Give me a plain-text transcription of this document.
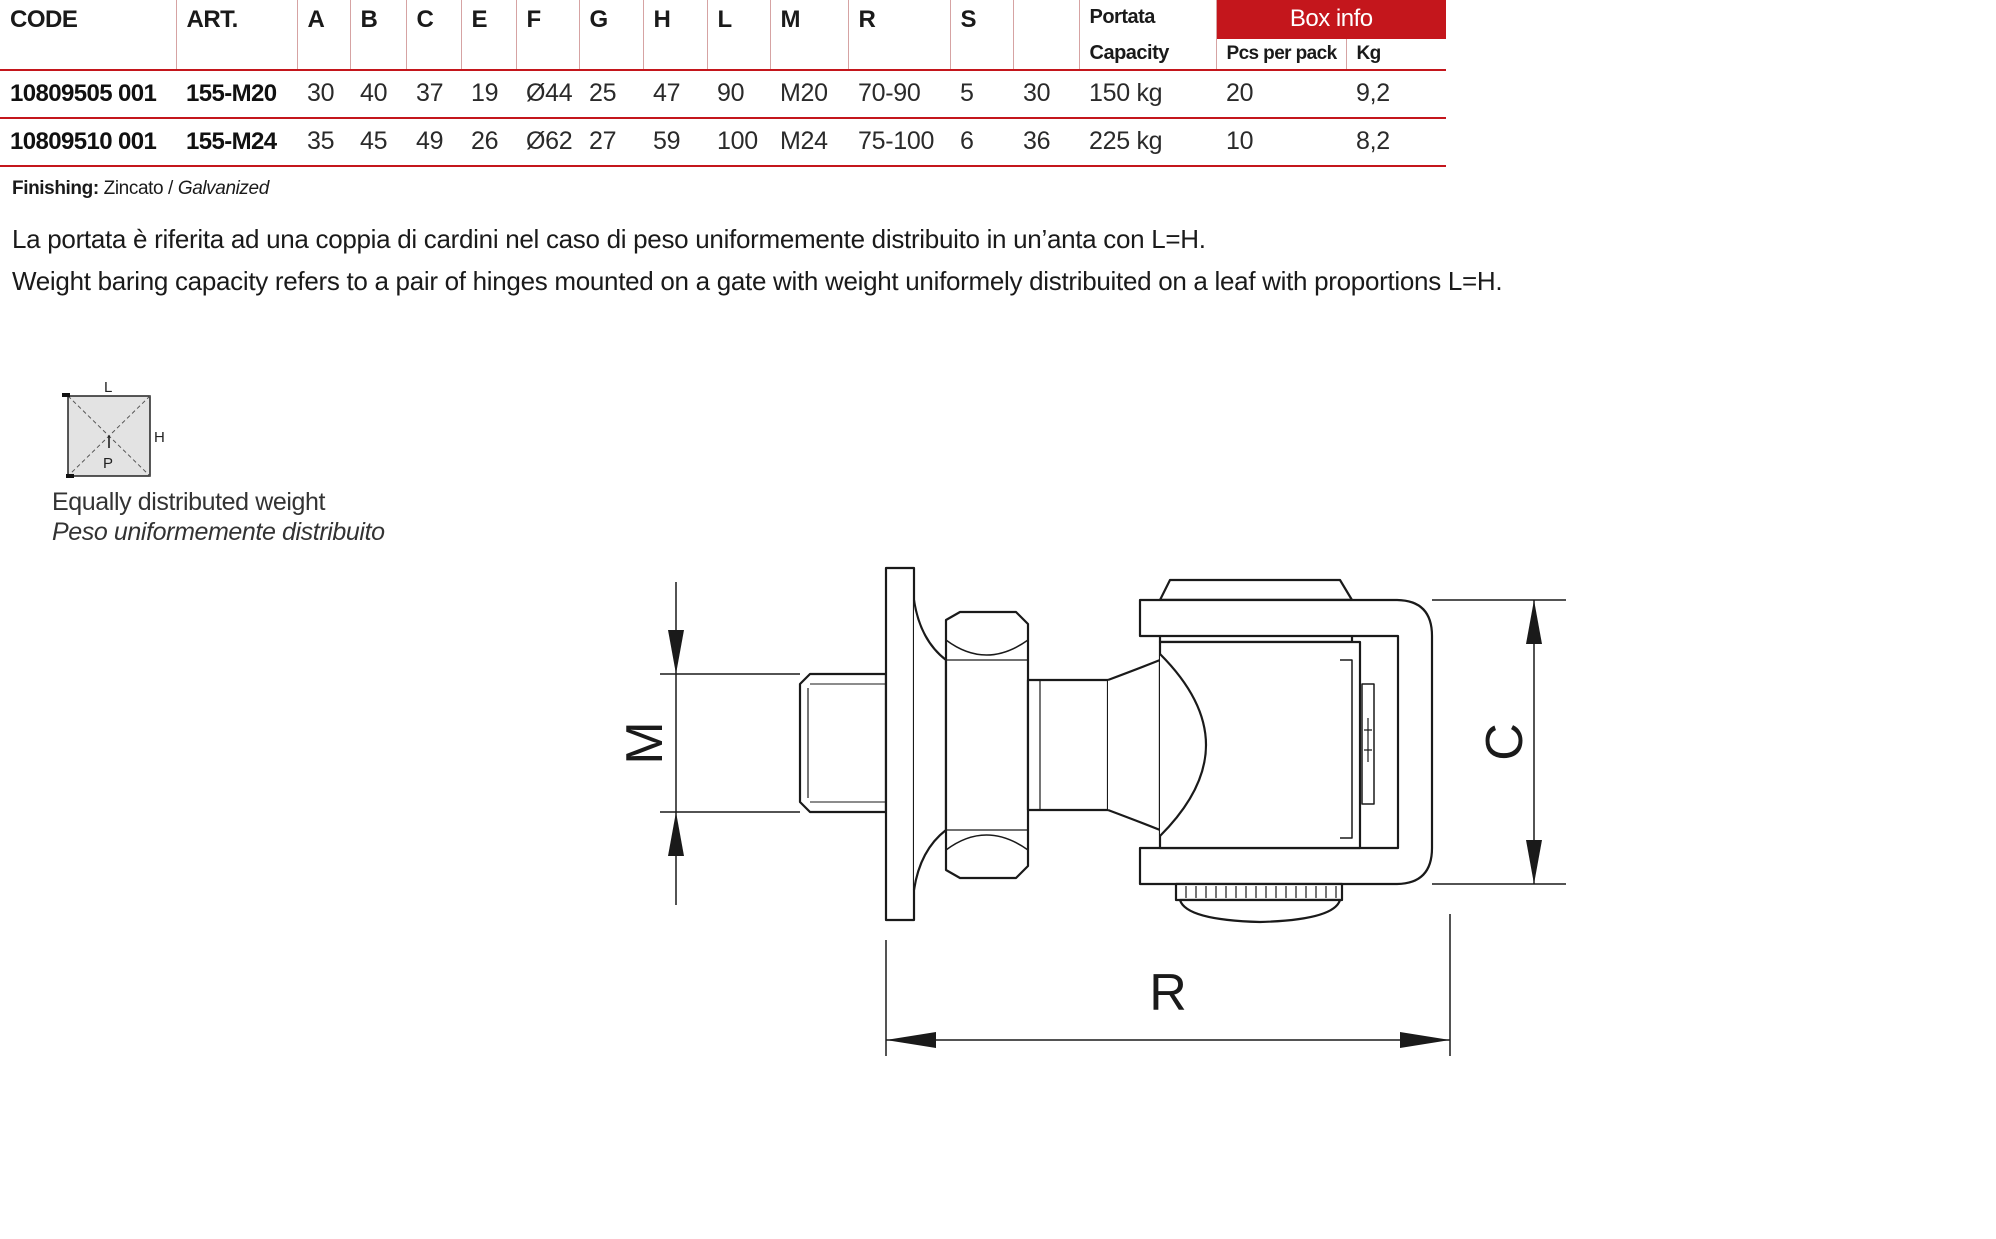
CODE	ART.	A	B	C	E	F	G	H	L	M	R	S		Portata	Box info	
														Capacity	Pcs per pack	Kg
10809505 001	155-M20	30	40	37	19	Ø44	25	47	90	M20	70-90	5	30	150 kg	20	9,2
10809510 001	155-M24	35	45	49	26	Ø62	27	59	100	M24	75-100	6	36	225 kg	10	8,2
Finishing: Zincato / Galvanized
La portata è riferita ad una coppia di cardini nel caso di peso uniformemente distribuito in un’anta con L=H.
Weight baring capacity refers to a pair of hinges mounted on a gate with weight uniformely distribuited on a leaf with proportions L=H.
L
H
P
Equally distributed weight
Peso uniformemente distribuito
M	C
R
